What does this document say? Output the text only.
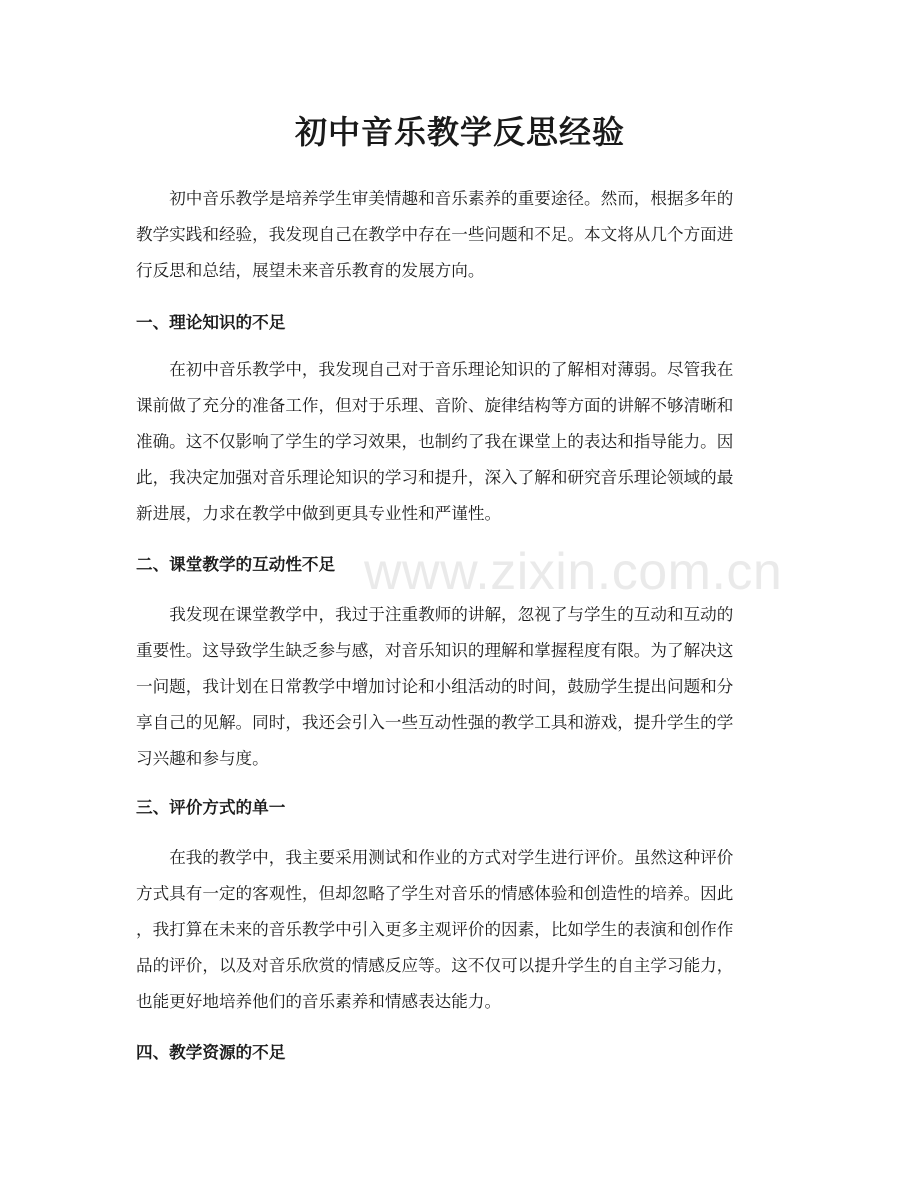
初中音乐教学反思经验

初中音乐教学是培养学生审美情趣和音乐素养的重要途径。然而，根据多年的
教学实践和经验，我发现自己在教学中存在一些问题和不足。本文将从几个方面进
行反思和总结，展望未来音乐教育的发展方向。

一、理论知识的不足

在初中音乐教学中，我发现自己对于音乐理论知识的了解相对薄弱。尽管我在
课前做了充分的准备工作，但对于乐理、音阶、旋律结构等方面的讲解不够清晰和
准确。这不仅影响了学生的学习效果，也制约了我在课堂上的表达和指导能力。因
此，我决定加强对音乐理论知识的学习和提升，深入了解和研究音乐理论领域的最
新进展，力求在教学中做到更具专业性和严谨性。

二、课堂教学的互动性不足

我发现在课堂教学中，我过于注重教师的讲解，忽视了与学生的互动和互动的
重要性。这导致学生缺乏参与感，对音乐知识的理解和掌握程度有限。为了解决这
一问题，我计划在日常教学中增加讨论和小组活动的时间，鼓励学生提出问题和分
享自己的见解。同时，我还会引入一些互动性强的教学工具和游戏，提升学生的学
习兴趣和参与度。

三、评价方式的单一

在我的教学中，我主要采用测试和作业的方式对学生进行评价。虽然这种评价
方式具有一定的客观性，但却忽略了学生对音乐的情感体验和创造性的培养。因此
，我打算在未来的音乐教学中引入更多主观评价的因素，比如学生的表演和创作作
品的评价，以及对音乐欣赏的情感反应等。这不仅可以提升学生的自主学习能力，
也能更好地培养他们的音乐素养和情感表达能力。

四、教学资源的不足
www.zixin.com.cn
